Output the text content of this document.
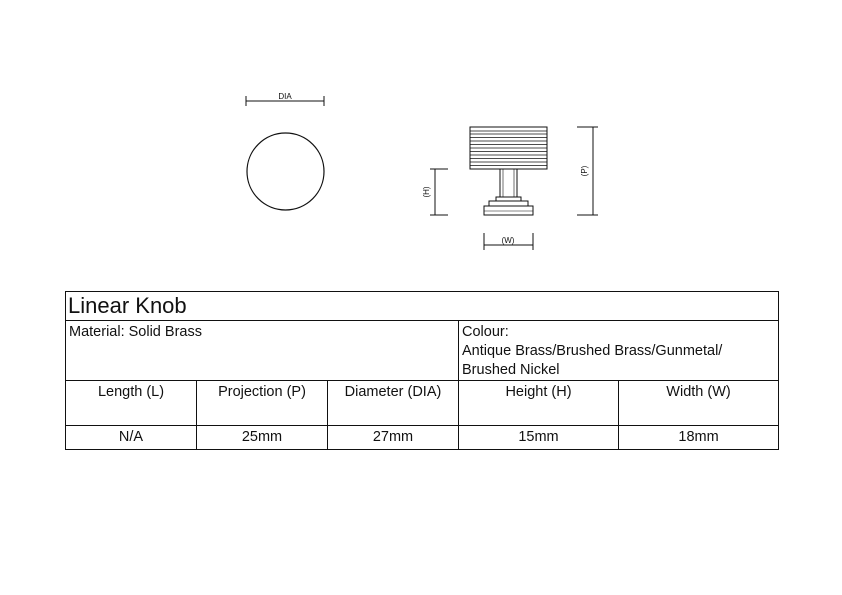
DIA
(H)
(P)
(W)
Linear Knob				
Material: Solid Brass			Colour:
Antique Brass/Brushed Brass/Gunmetal/
Brushed Nickel	

Length (L)	Projection (P)	Diameter (DIA)	Height (H)	Width (W)
N/A	25mm	27mm	15mm	18mm
